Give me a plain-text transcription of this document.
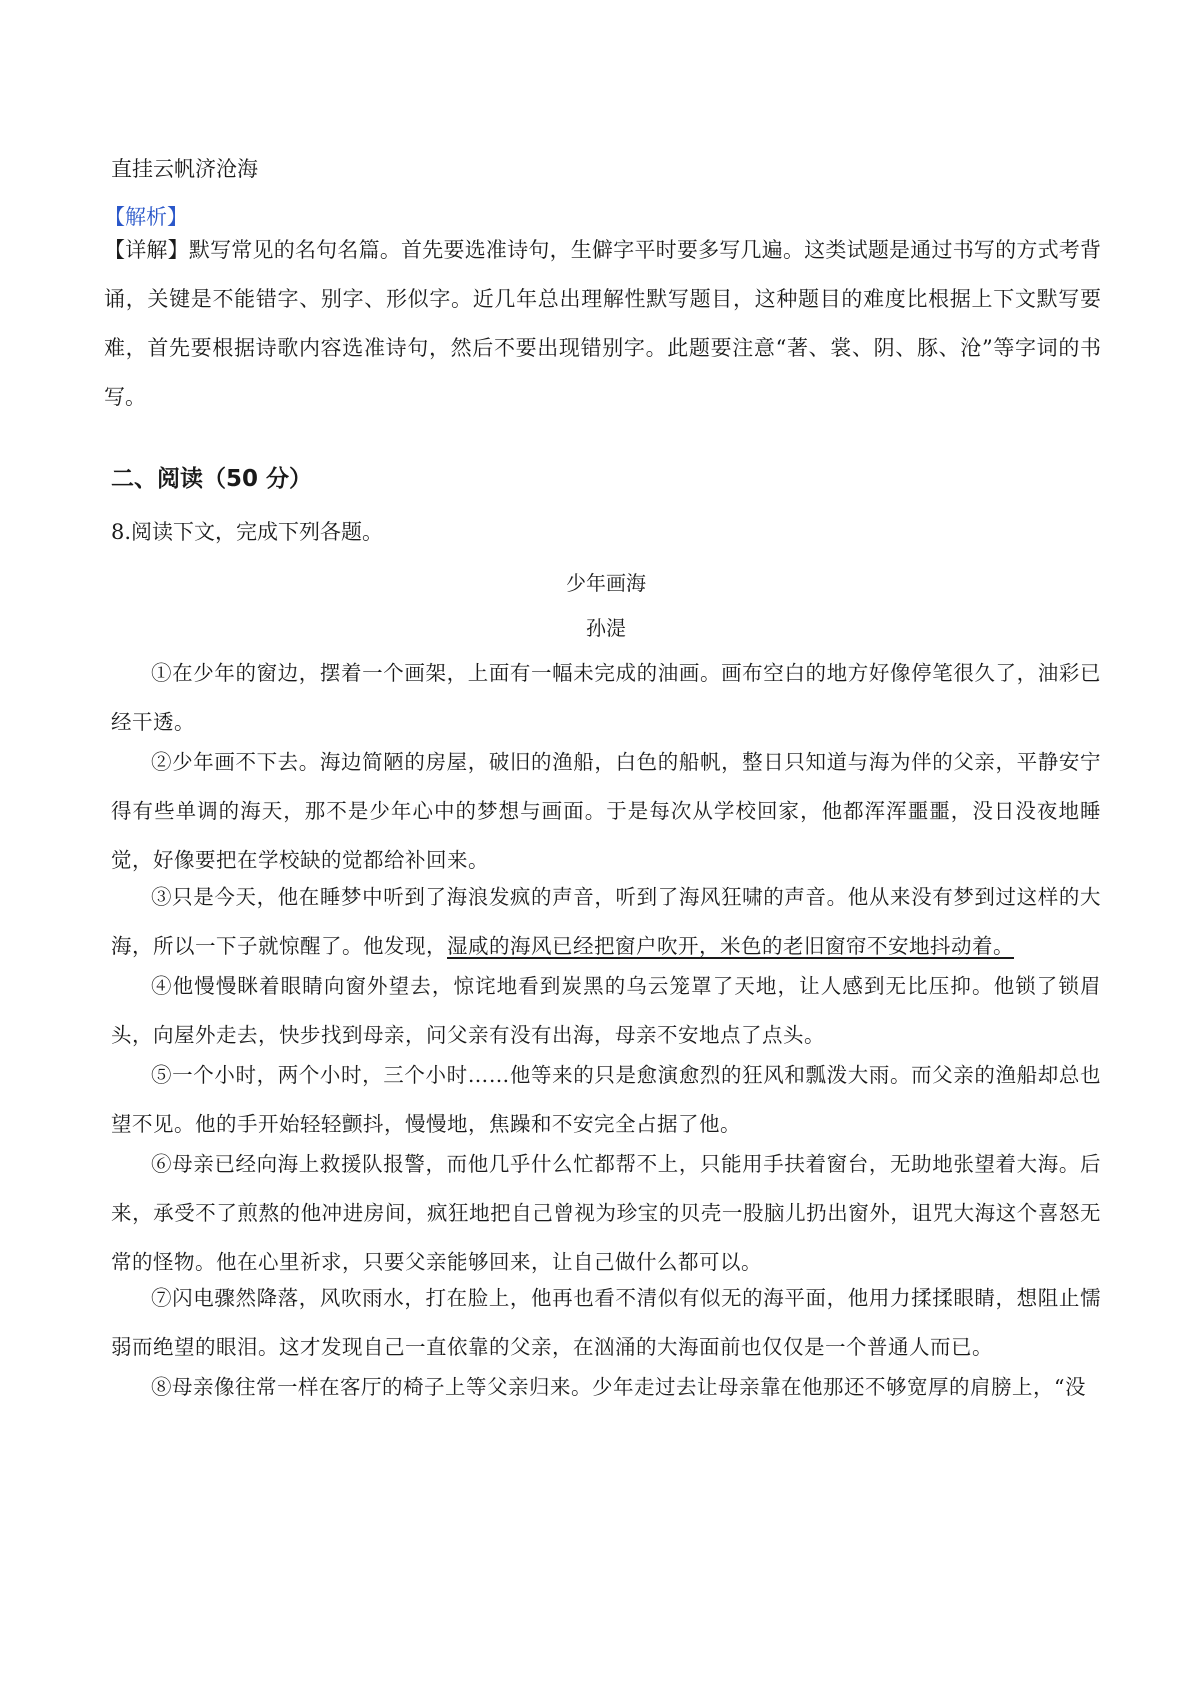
直挂云帆济沧海
【解析】
【详解】默写常见的名句名篇。首先要选准诗句，生僻字平时要多写几遍。这类试题是通过书写的方式考背诵，关键是不能错字、别字、形似字。近几年总出理解性默写题目，这种题目的难度比根据上下文默写要难，首先要根据诗歌内容选准诗句，然后不要出现错别字。此题要注意“著、裳、阴、豚、沧”等字词的书写。
二、阅读（50 分）
8.阅读下文，完成下列各题。
少年画海
孙湜
①在少年的窗边，摆着一个画架，上面有一幅未完成的油画。画布空白的地方好像停笔很久了，油彩已经干透。
②少年画不下去。海边简陋的房屋，破旧的渔船，白色的船帆，整日只知道与海为伴的父亲，平静安宁得有些单调的海天，那不是少年心中的梦想与画面。于是每次从学校回家，他都浑浑噩噩，没日没夜地睡觉，好像要把在学校缺的觉都给补回来。
③只是今天，他在睡梦中听到了海浪发疯的声音，听到了海风狂啸的声音。他从来没有梦到过这样的大海，所以一下子就惊醒了。他发现，湿咸的海风已经把窗户吹开，米色的老旧窗帘不安地抖动着。
④他慢慢眯着眼睛向窗外望去，惊诧地看到炭黑的乌云笼罩了天地，让人感到无比压抑。他锁了锁眉头，向屋外走去，快步找到母亲，问父亲有没有出海，母亲不安地点了点头。
⑤一个小时，两个小时，三个小时……他等来的只是愈演愈烈的狂风和瓢泼大雨。而父亲的渔船却总也望不见。他的手开始轻轻颤抖，慢慢地，焦躁和不安完全占据了他。
⑥母亲已经向海上救援队报警，而他几乎什么忙都帮不上，只能用手扶着窗台，无助地张望着大海。后来，承受不了煎熬的他冲进房间，疯狂地把自己曾视为珍宝的贝壳一股脑儿扔出窗外，诅咒大海这个喜怒无常的怪物。他在心里祈求，只要父亲能够回来，让自己做什么都可以。
⑦闪电骤然降落，风吹雨水，打在脸上，他再也看不清似有似无的海平面，他用力揉揉眼睛，想阻止懦弱而绝望的眼泪。这才发现自己一直依靠的父亲，在汹涌的大海面前也仅仅是一个普通人而已。
⑧母亲像往常一样在客厅的椅子上等父亲归来。少年走过去让母亲靠在他那还不够宽厚的肩膀上，“没
